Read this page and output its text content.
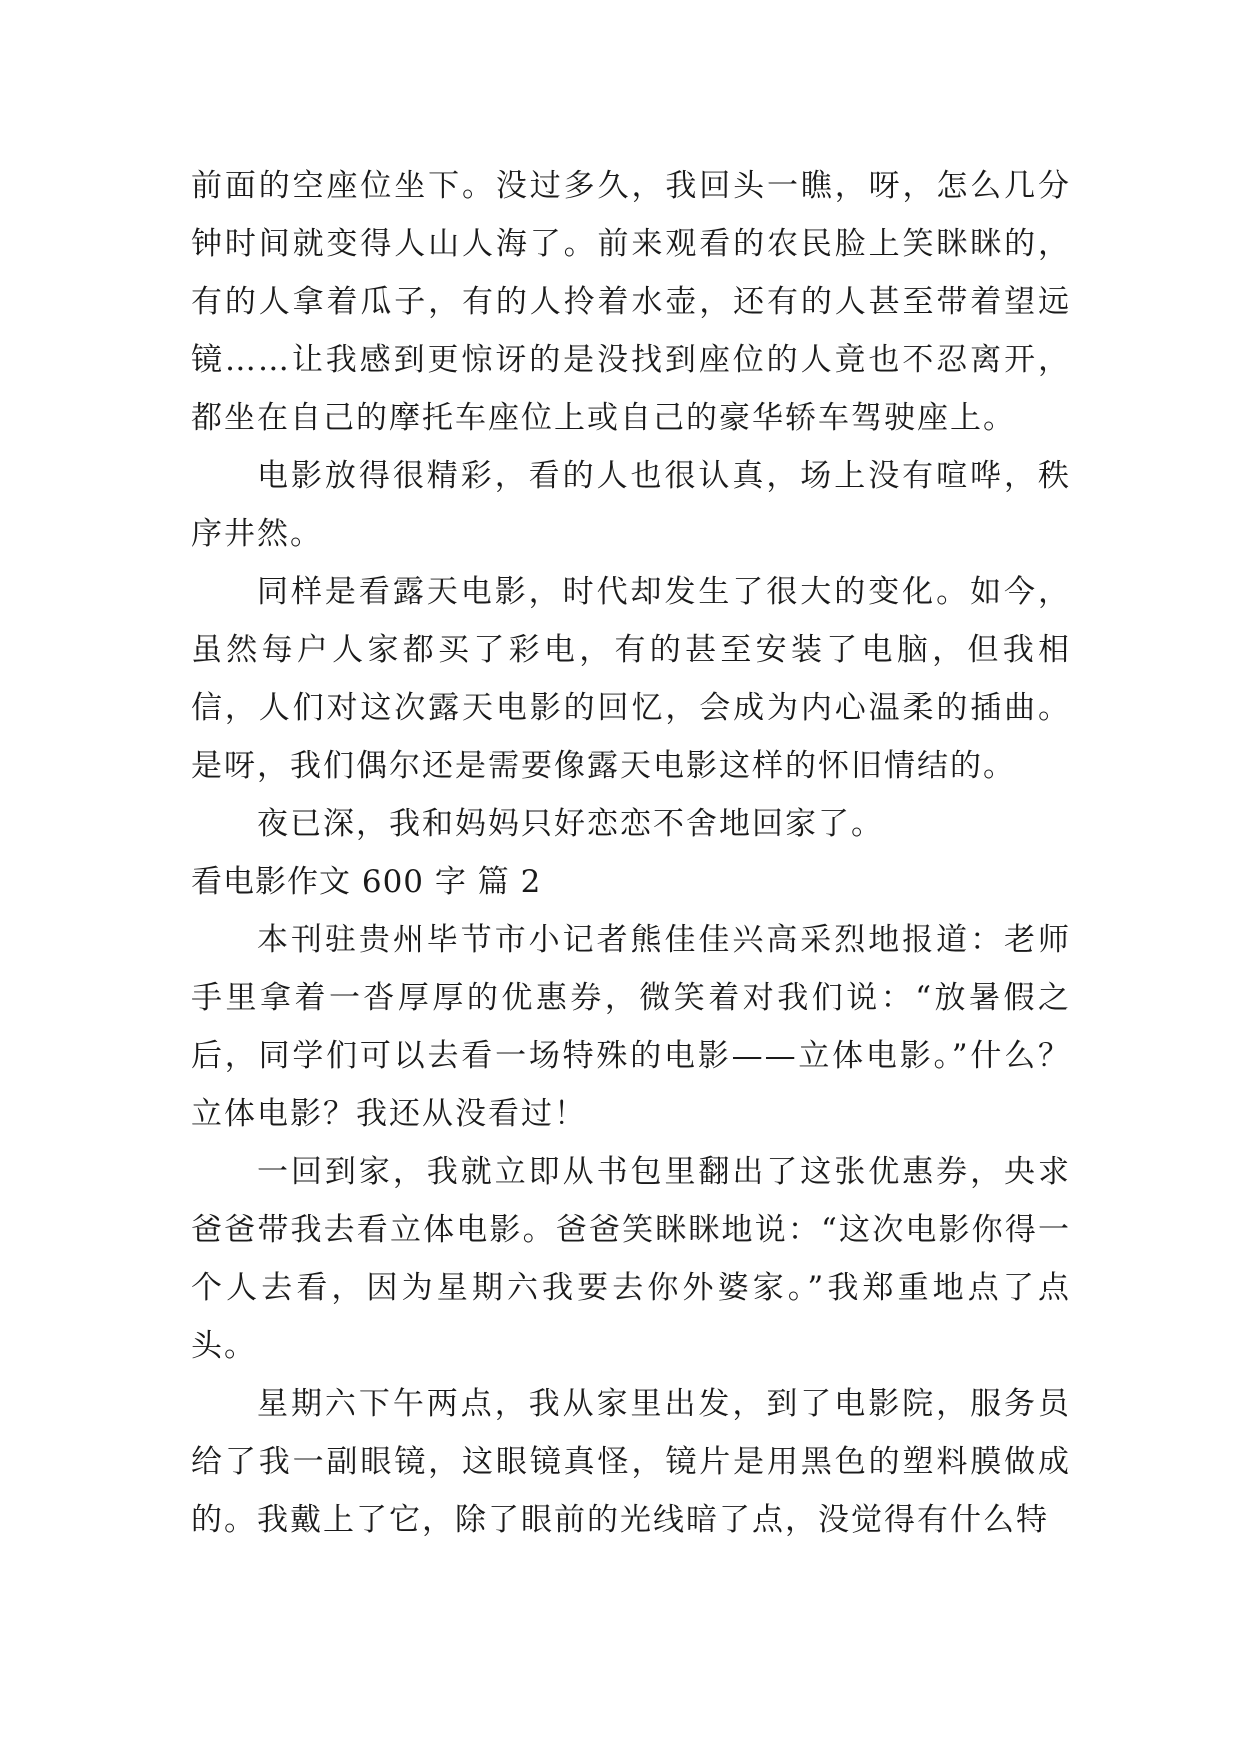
前面的空座位坐下。没过多久，我回头一瞧，呀，怎么几分钟时间就变得人山人海了。前来观看的农民脸上笑眯眯的，有的人拿着瓜子，有的人拎着水壶，还有的人甚至带着望远镜……让我感到更惊讶的是没找到座位的人竟也不忍离开，都坐在自己的摩托车座位上或自己的豪华轿车驾驶座上。

电影放得很精彩，看的人也很认真，场上没有喧哗，秩序井然。

同样是看露天电影，时代却发生了很大的变化。如今，虽然每户人家都买了彩电，有的甚至安装了电脑，但我相信，人们对这次露天电影的回忆，会成为内心温柔的插曲。是呀，我们偶尔还是需要像露天电影这样的怀旧情结的。

夜已深，我和妈妈只好恋恋不舍地回家了。

看电影作文 600 字 篇 2

本刊驻贵州毕节市小记者熊佳佳兴高采烈地报道：老师手里拿着一沓厚厚的优惠券，微笑着对我们说：“放暑假之后，同学们可以去看一场特殊的电影——立体电影。”什么？立体电影？我还从没看过！

一回到家，我就立即从书包里翻出了这张优惠券，央求爸爸带我去看立体电影。爸爸笑眯眯地说：“这次电影你得一个人去看，因为星期六我要去你外婆家。”我郑重地点了点头。

星期六下午两点，我从家里出发，到了电影院，服务员给了我一副眼镜，这眼镜真怪，镜片是用黑色的塑料膜做成的。我戴上了它，除了眼前的光线暗了点，没觉得有什么特
